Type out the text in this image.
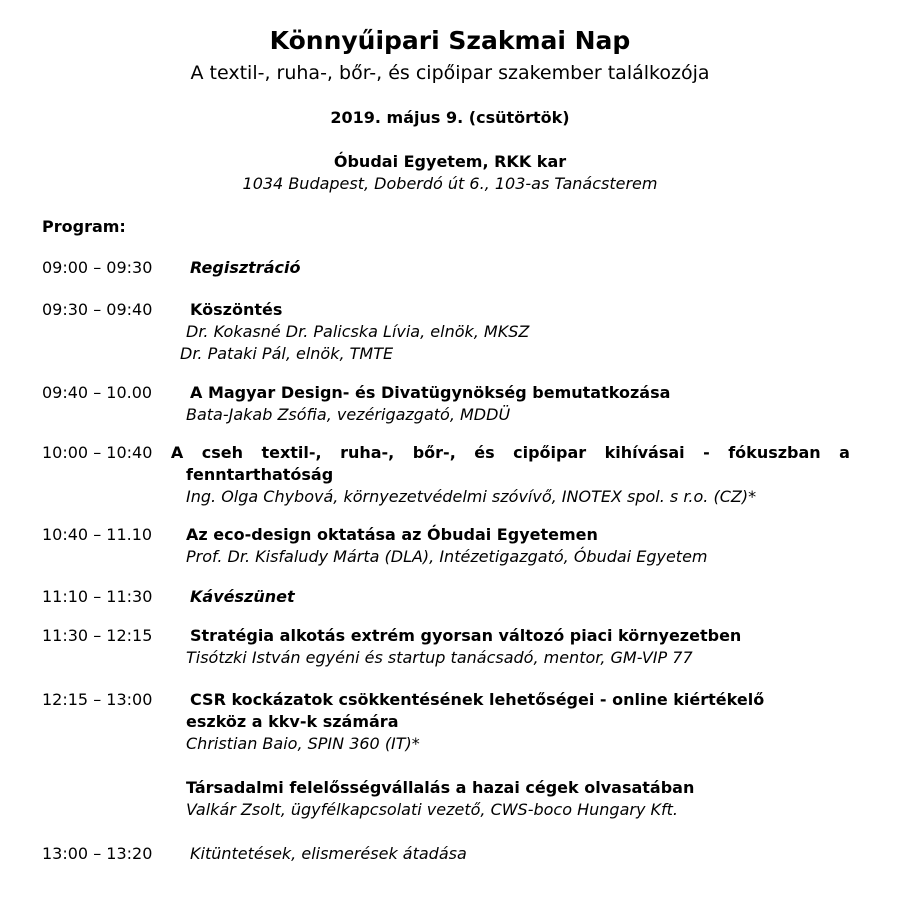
Könnyűipari Szakmai Nap
A textil-, ruha-, bőr-, és cipőipar szakember találkozója
2019. május 9. (csütörtök)
Óbudai Egyetem, RKK kar
1034 Budapest, Doberdó út 6., 103-as Tanácsterem
Program:
09:00 – 09:30 Regisztráció
09:30 – 09:40 Köszöntés
Dr. Kokasné Dr. Palicska Lívia, elnök, MKSZ
Dr. Pataki Pál, elnök, TMTE
09:40 – 10.00 A Magyar Design- és Divatügynökség bemutatkozása
Bata-Jakab Zsófia, vezérigazgató, MDDÜ
10:00 – 10:40 A cseh textil-, ruha-, bőr-, és cipőipar kihívásai - fókuszban a
fenntarthatóság
Ing. Olga Chybová, környezetvédelmi szóvívő, INOTEX spol. s r.o. (CZ)*
10:40 – 11.10 Az eco-design oktatása az Óbudai Egyetemen
Prof. Dr. Kisfaludy Márta (DLA), Intézetigazgató, Óbudai Egyetem
11:10 – 11:30 Kávészünet
11:30 – 12:15 Stratégia alkotás extrém gyorsan változó piaci környezetben
Tisótzki István egyéni és startup tanácsadó, mentor, GM-VIP 77
12:15 – 13:00 CSR kockázatok csökkentésének lehetőségei - online kiértékelő
eszköz a kkv-k számára
Christian Baio, SPIN 360 (IT)*
Társadalmi felelősségvállalás a hazai cégek olvasatában
Valkár Zsolt, ügyfélkapcsolati vezető, CWS-boco Hungary Kft.
13:00 – 13:20 Kitüntetések, elismerések átadása
